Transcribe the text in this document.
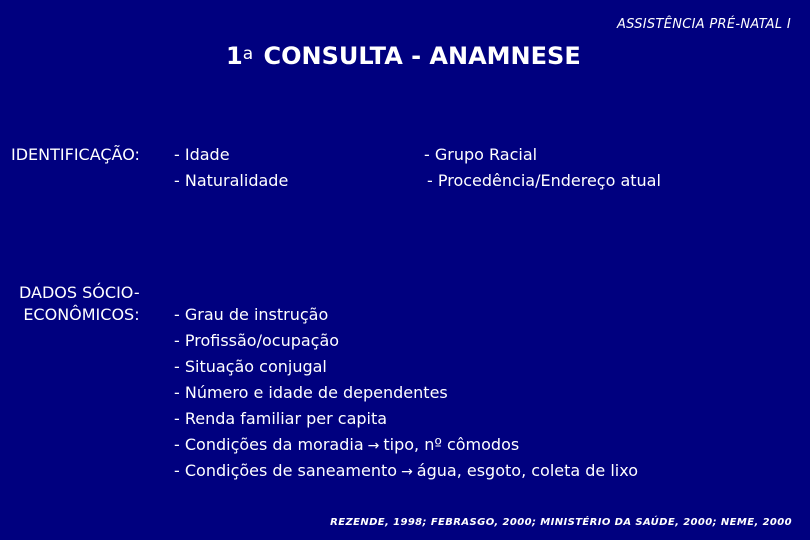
ASSISTÊNCIA PRÉ-NATAL I
1$^a$ CONSULTA - ANAMNESE
IDENTIFICAÇÃO: - Idade
- Naturalidade
- Grupo Racial
- Procedência/Endereço atual
DADOS SÓCIO-
ECONÔMICOS: - Grau de instrução
- Profissão/ocupação
- Situação conjugal
- Número e idade de dependentes
- Renda familiar per capita
- Condições da moradia → tipo, nº cômodos
- Condições de saneamento → água, esgoto, coleta de lixo
REZENDE, 1998; FEBRASGO, 2000; MINISTÉRIO DA SAÚDE, 2000; NEME, 2000
